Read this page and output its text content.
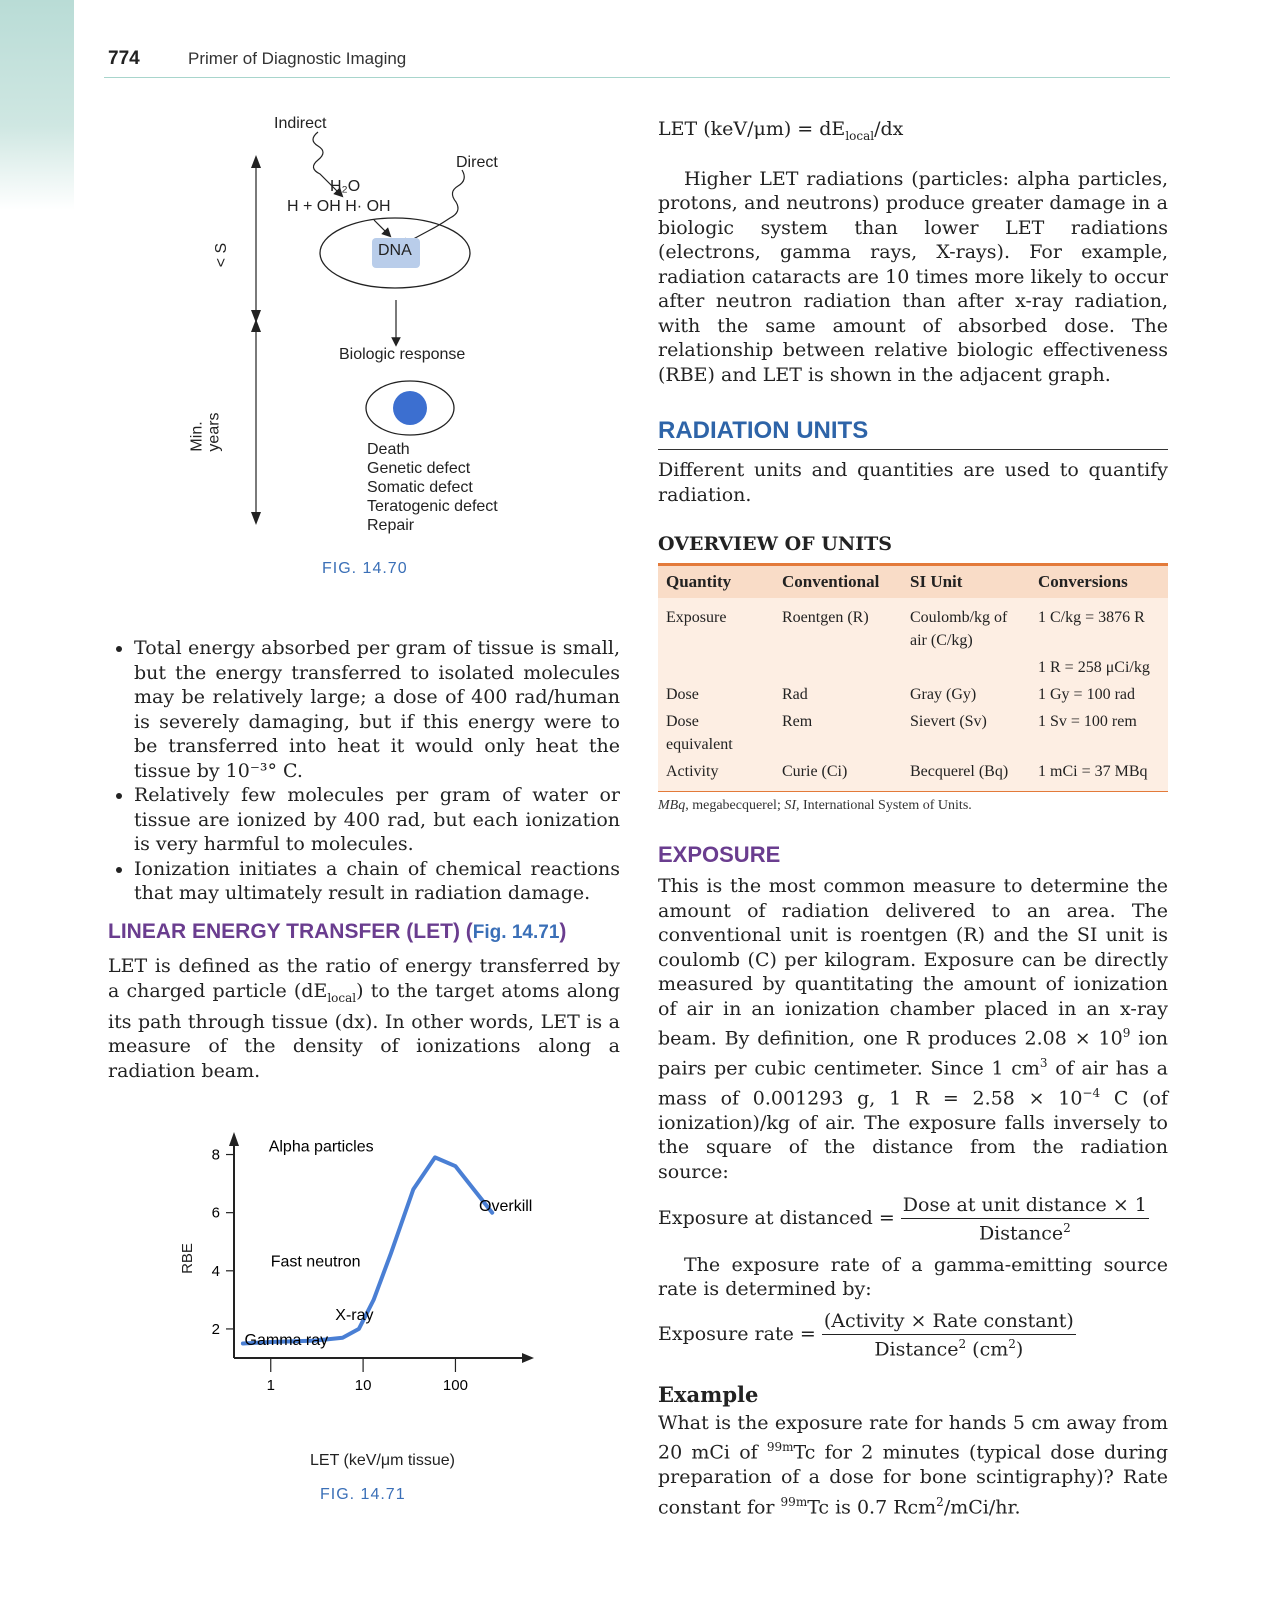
774	Primer of Diagnostic Imaging
Indirect
Direct
H₂O
H + OH H· OH
DNA
< S
Min. years
Biologic response
Death
Genetic defect
Somatic defect
Teratogenic defect
Repair
FIG. 14.70
• Total energy absorbed per gram of tissue is small, but the energy transferred to isolated molecules may be relatively large; a dose of 400 rad/human is severely damaging, but if this energy were to be transferred into heat it would only heat the tissue by 10⁻³° C.
• Relatively few molecules per gram of water or tissue are ionized by 400 rad, but each ionization is very harmful to molecules.
• Ionization initiates a chain of chemical reactions that may ultimately result in radiation damage.
LINEAR ENERGY TRANSFER (LET) (Fig. 14.71)

LET is defined as the ratio of energy transferred by a charged particle $(dE_{local})$ to the target atoms along its path through tissue (dx). In other words, LET is a measure of the density of ionizations along a radiation beam.

2
4
6
8
1	10	100
Alpha particles
Overkill
Fast neutron
X-ray
Gamma ray
RBE
LET (keV/μm tissue)
FIG. 14.71
LET $(keV/\mu m) = dE_{local}/dx$

Higher LET radiations (particles: alpha particles, protons, and neutrons) produce greater damage in a biologic system than lower LET radiations (electrons, gamma rays, X-rays). For example, radiation cataracts are 10 times more likely to occur after neutron radiation than after x-ray radiation, with the same amount of absorbed dose. The relationship between relative biologic effectiveness (RBE) and LET is shown in the adjacent graph.

RADIATION UNITS

Different units and quantities are used to quantify radiation.

OVERVIEW OF UNITS
Quantity	Conventional	SI Unit	Conversions
Exposure	Roentgen (R)	Coulomb/kg of air (C/kg)	1 C/kg = 3876 R
			1 R = 258 μCi/kg
Dose	Rad	Gray (Gy)	1 Gy = 100 rad
Dose equivalent	Rem	Sievert (Sv)	1 Sv = 100 rem
Activity	Curie (Ci)	Becquerel (Bq)	1 mCi = 37 MBq
MBq, megabecquerel; SI, International System of Units.
EXPOSURE

This is the most common measure to determine the amount of radiation delivered to an area. The conventional unit is roentgen (R) and the SI unit is coulomb (C) per kilogram. Exposure can be directly measured by quantitating the amount of ionization of air in an ionization chamber placed in an x-ray beam. By definition, one R produces $2.08 \times 10^9$ ion pairs per cubic centimeter. Since 1 $cm^3$ of air has a mass of 0.001293 g, 1 $R = 2.58 \times 10^{-4}$ C (of ionization)/kg of air. The exposure falls inversely to the square of the distance from the radiation source:

Exposure at distanced = $\frac{\text{Dose at unit distance × 1}}{Distance^2}$

The exposure rate of a gamma-emitting source rate is determined by:

Exposure rate = $\frac{\text{(Activity × Rate constant)}}{Distance^2 (cm^2)}$
Example

What is the exposure rate for hands 5 cm away from 20 mCi of $^{99m}$Tc for 2 minutes (typical dose during preparation of a dose for bone scintigraphy)? Rate constant for $^{99m}$Tc is 0.7 Rcm$^2$/mCi/hr.
